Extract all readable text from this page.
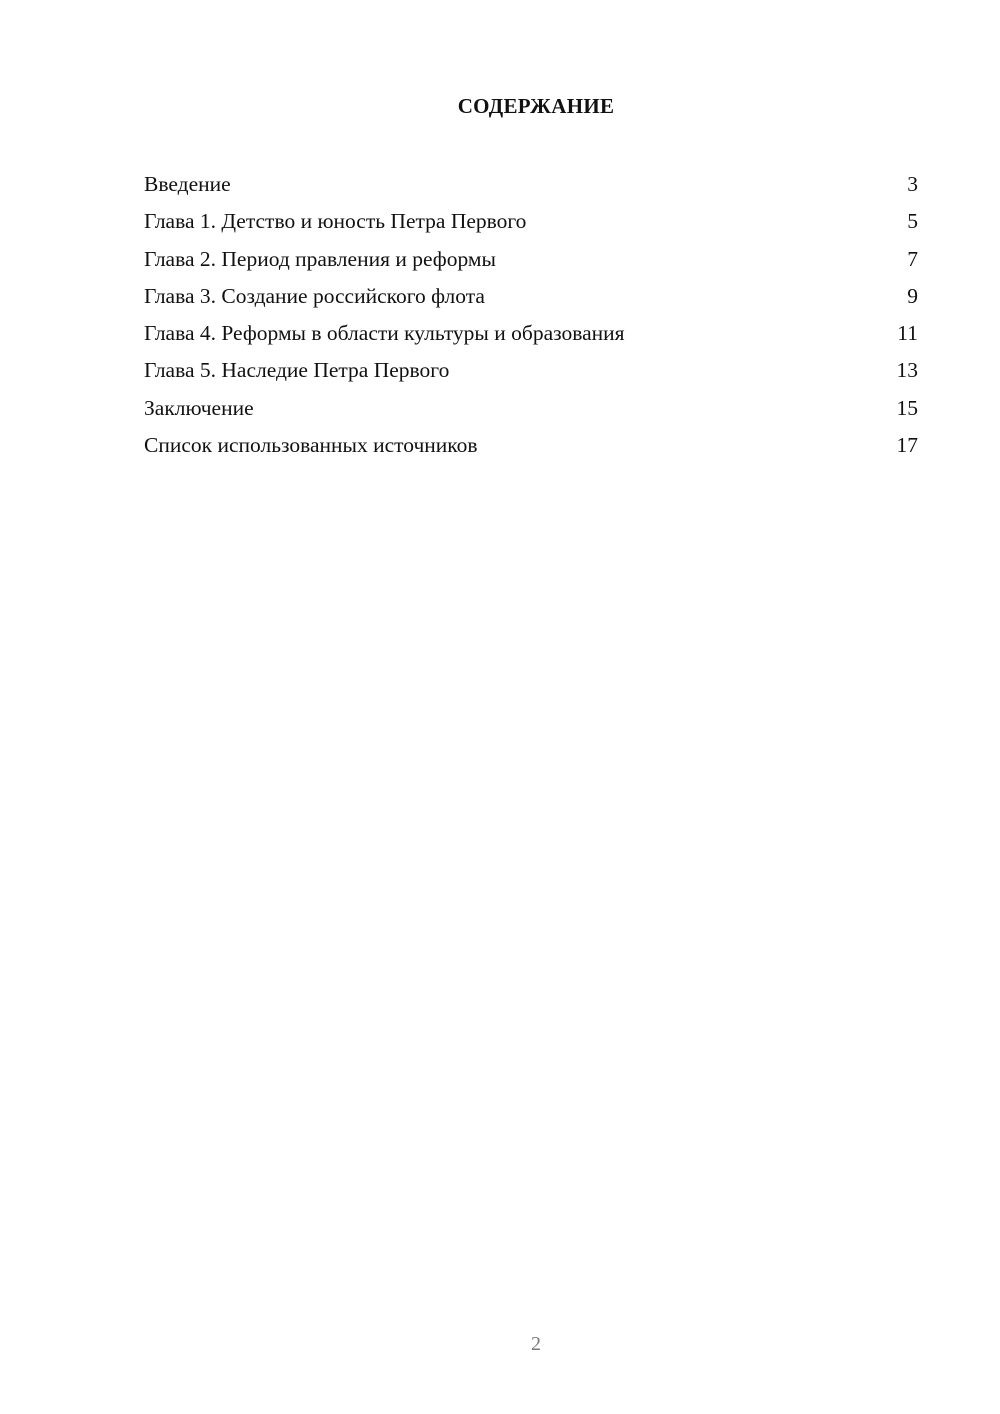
СОДЕРЖАНИЕ
Введение	3
Глава 1. Детство и юность Петра Первого	5
Глава 2. Период правления и реформы	7
Глава 3. Создание российского флота	9
Глава 4. Реформы в области культуры и образования	11
Глава 5. Наследие Петра Первого	13
Заключение	15
Список использованных источников	17
2
